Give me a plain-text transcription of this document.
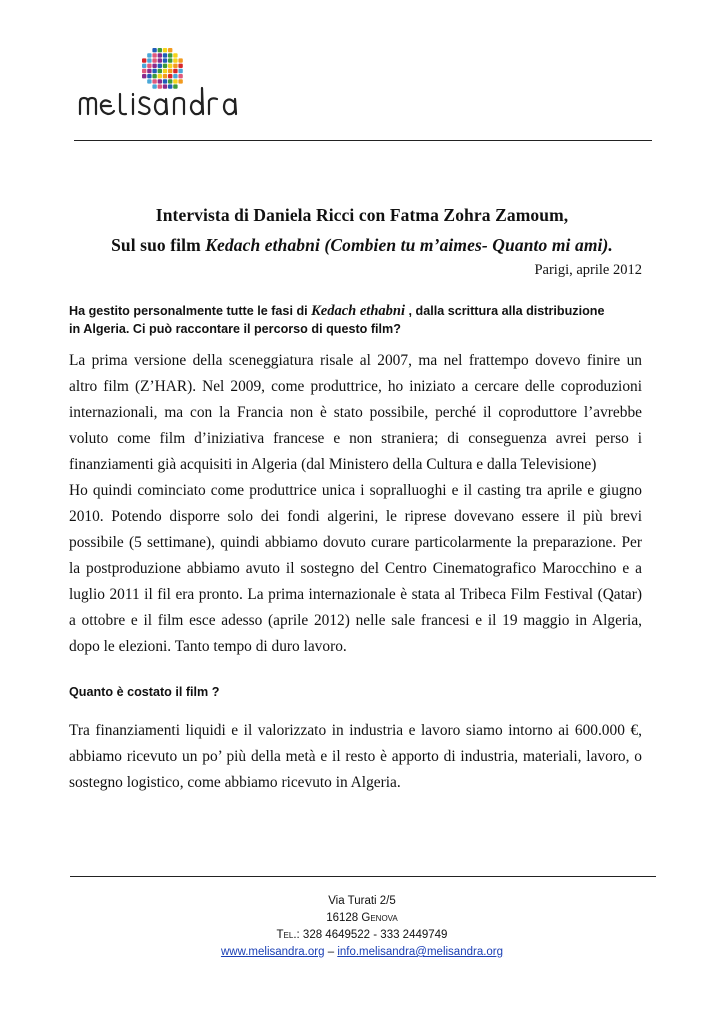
Intervista di Daniela Ricci con Fatma Zohra Zamoum,
Sul suo film Kedach ethabni (Combien tu m’aimes- Quanto mi ami).
Parigi, aprile 2012
Ha gestito personalmente tutte le fasi di Kedach ethabni , dalla scrittura alla distribuzione
in Algeria. Ci può raccontare il percorso di questo film?
La prima versione della sceneggiatura risale al 2007, ma nel frattempo dovevo finire un
altro film (Z’HAR). Nel 2009, come produttrice, ho iniziato a cercare delle coproduzioni
internazionali, ma con la Francia non è stato possibile, perché il coproduttore l’avrebbe
voluto come film d’iniziativa francese e non straniera; di conseguenza avrei perso i
finanziamenti già acquisiti in Algeria (dal Ministero della Cultura e dalla Televisione)
Ho quindi cominciato come produttrice unica i sopralluoghi e il casting tra aprile e giugno
2010. Potendo disporre solo dei fondi algerini, le riprese dovevano essere il più brevi
possibile (5 settimane), quindi abbiamo dovuto curare particolarmente la preparazione. Per
la postproduzione abbiamo avuto il sostegno del Centro Cinematografico Marocchino e a
luglio 2011 il fil era pronto. La prima internazionale è stata al Tribeca Film Festival (Qatar)
a ottobre e il film esce adesso (aprile 2012) nelle sale francesi e il 19 maggio in Algeria,
dopo le elezioni. Tanto tempo di duro lavoro.
Quanto è costato il film ?
Tra finanziamenti liquidi e il valorizzato in industria e lavoro siamo intorno ai 600.000 €,
abbiamo ricevuto un po’ più della metà e il resto è apporto di industria, materiali, lavoro, o
sostegno logistico, come abbiamo ricevuto in Algeria.
Via Turati 2/5
16128 Genova
Tel.: 328 4649522 - 333 2449749
www.melisandra.org – info.melisandra@melisandra.org
